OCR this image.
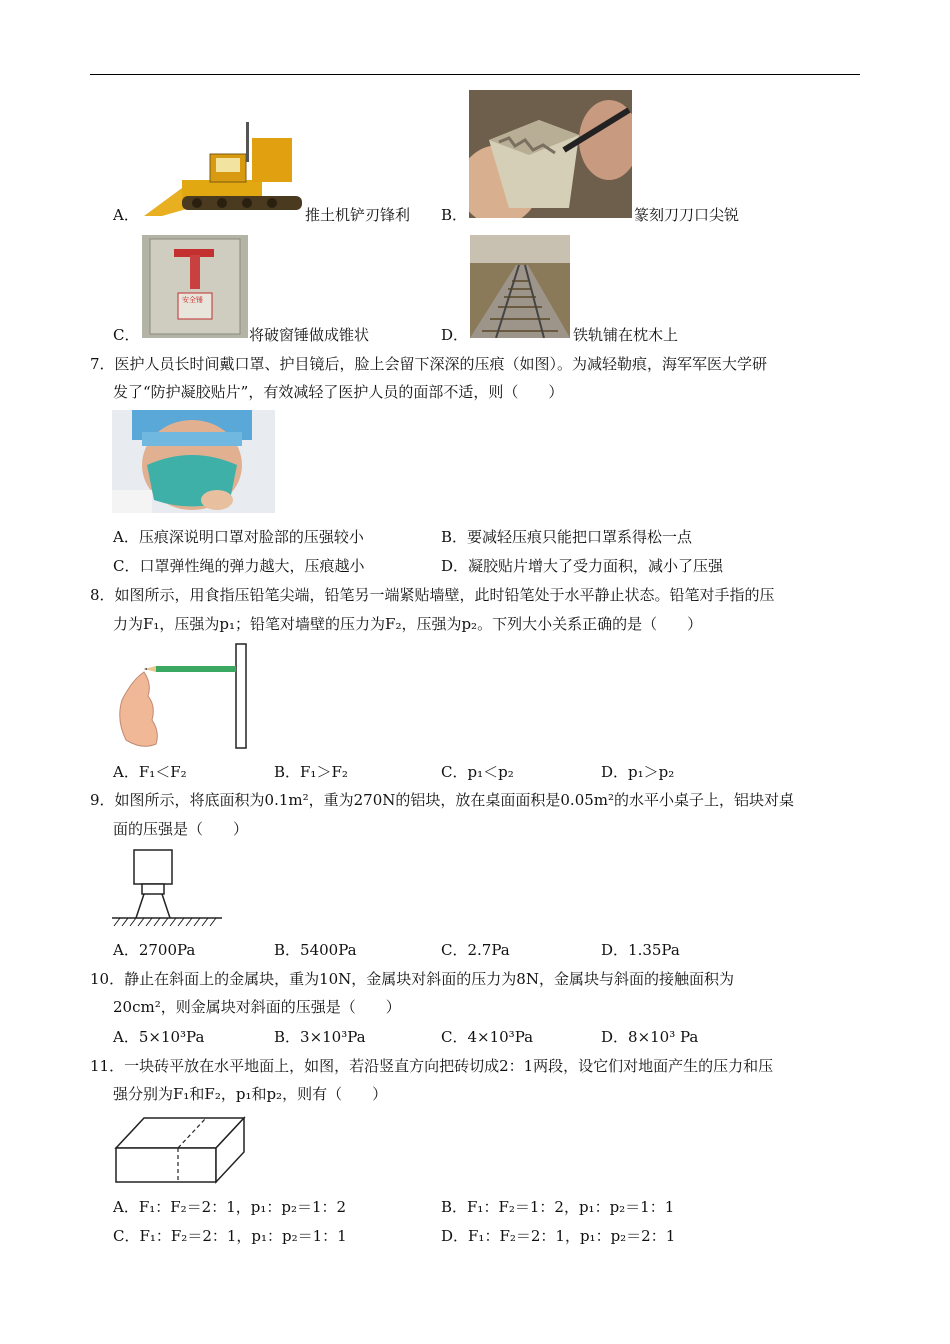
A．	推土机铲刃锋利 B．	篆刻刀刀口尖锐
C．
安全锤
将破窗锤做成锥状	D．	铁轨铺在枕木上
7．医护人员长时间戴口罩、护目镜后，脸上会留下深深的压痕（如图）。为减轻勒痕，海军军医大学研
发了“防护凝胶贴片”，有效减轻了医护人员的面部不适，则（　　）
A．压痕深说明口罩对脸部的压强较小	B．要减轻压痕只能把口罩系得松一点
C．口罩弹性绳的弹力越大，压痕越小	D．凝胶贴片增大了受力面积，减小了压强
8．如图所示，用食指压铅笔尖端，铅笔另一端紧贴墙壁，此时铅笔处于水平静止状态。铅笔对手指的压
力为F₁，压强为p₁；铅笔对墙壁的压力为F₂，压强为p₂。下列大小关系正确的是（　　）
A．F₁＜F₂	B．F₁＞F₂	C．p₁＜p₂	D．p₁＞p₂
9．如图所示，将底面积为0.1m²，重为270N的铝块，放在桌面面积是0.05m²的水平小桌子上，铝块对桌
面的压强是（　　）
A．2700Pa	B．5400Pa	C．2.7Pa	D．1.35Pa
10．静止在斜面上的金属块，重为10N，金属块对斜面的压力为8N，金属块与斜面的接触面积为
20cm²，则金属块对斜面的压强是（　　）
A．5×10³Pa	B．3×10³Pa	C．4×10³Pa	D．8×10³ Pa
11．一块砖平放在水平地面上，如图，若沿竖直方向把砖切成2：1两段，设它们对地面产生的压力和压
强分别为F₁和F₂，p₁和p₂，则有（　　）
A．F₁：F₂＝2：1，p₁：p₂＝1：2	B．F₁：F₂＝1：2，p₁：p₂＝1：1
C．F₁：F₂＝2：1，p₁：p₂＝1：1	D．F₁：F₂＝2：1，p₁：p₂＝2：1
